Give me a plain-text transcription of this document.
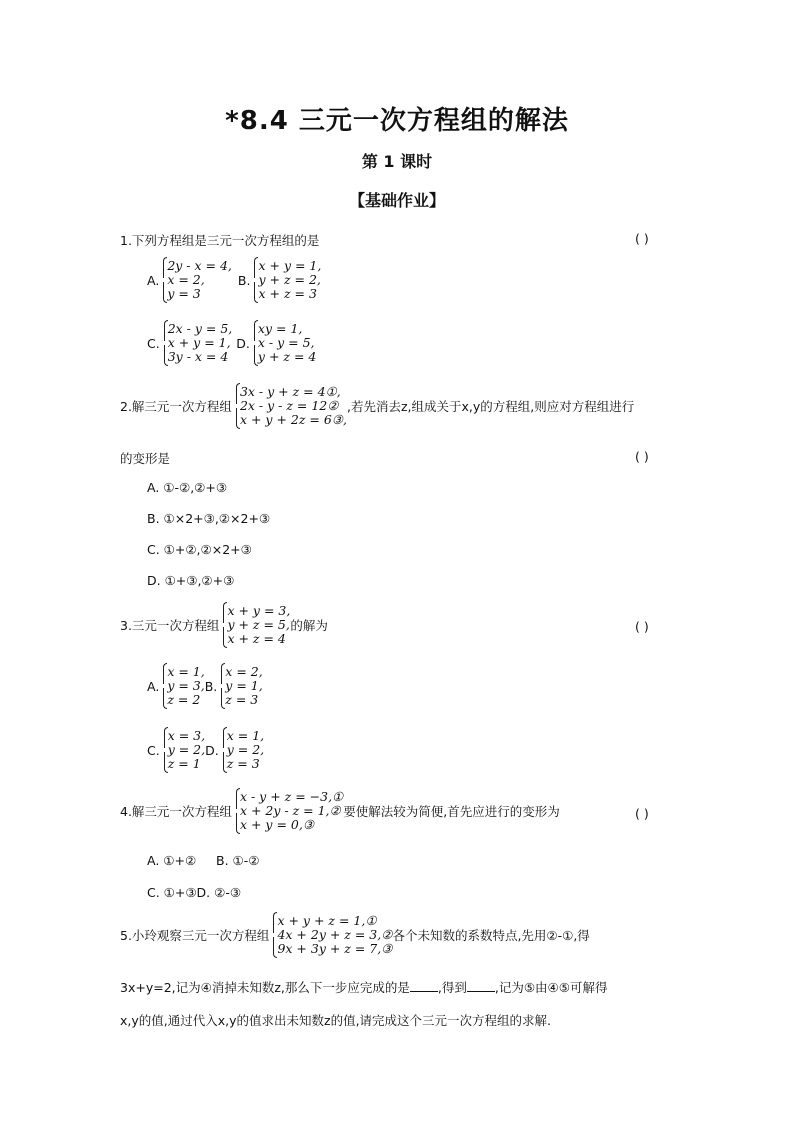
*8.4 三元一次方程组的解法
第 1 课时
【基础作业】
1.下列方程组是三元一次方程组的是	( )
A.
2y - x = 4,
x = 2,
y = 3
B.
x + y = 1,
y + z = 2,
x + z = 3
C.
2x - y = 5,
x + y = 1,
3y - x = 4
D.
xy = 1,
x - y = 5,
y + z = 4
2.解三元一次方程组
3x - y + z = 4①,
2x - y - z = 12②
x + y + 2z = 6③,
,若先消去z,组成关于x,y的方程组,则应对方程组进行
的变形是	( )
A. ①-②,②+③
B. ①×2+③,②×2+③
C. ①+②,②×2+③
D. ①+③,②+③
3.三元一次方程组
x + y = 3,
y + z = 5,
x + z = 4
的解为	( )
A.
x = 1,
y = 3,
z = 2
B.
x = 2,
y = 1,
z = 3
C.
x = 3,
y = 2,
z = 1
D.
x = 1,
y = 2,
z = 3
4.解三元一次方程组
x - y + z = −3,①
x + 2y - z = 1,②
x + y = 0,③
要使解法较为简便,首先应进行的变形为	( )
A. ①+②     B. ①-②
C. ①+③D. ②-③
5.小玲观察三元一次方程组
x + y + z = 1,①
4x + 2y + z = 3,②
9x + 3y + z = 7,③
各个未知数的系数特点,先用②-①,得
3x+y=2,记为④消掉未知数z,那么下一步应完成的是 ,得到 ,记为⑤由④⑤可解得
x,y的值,通过代入x,y的值求出未知数z的值,请完成这个三元一次方程组的求解.
